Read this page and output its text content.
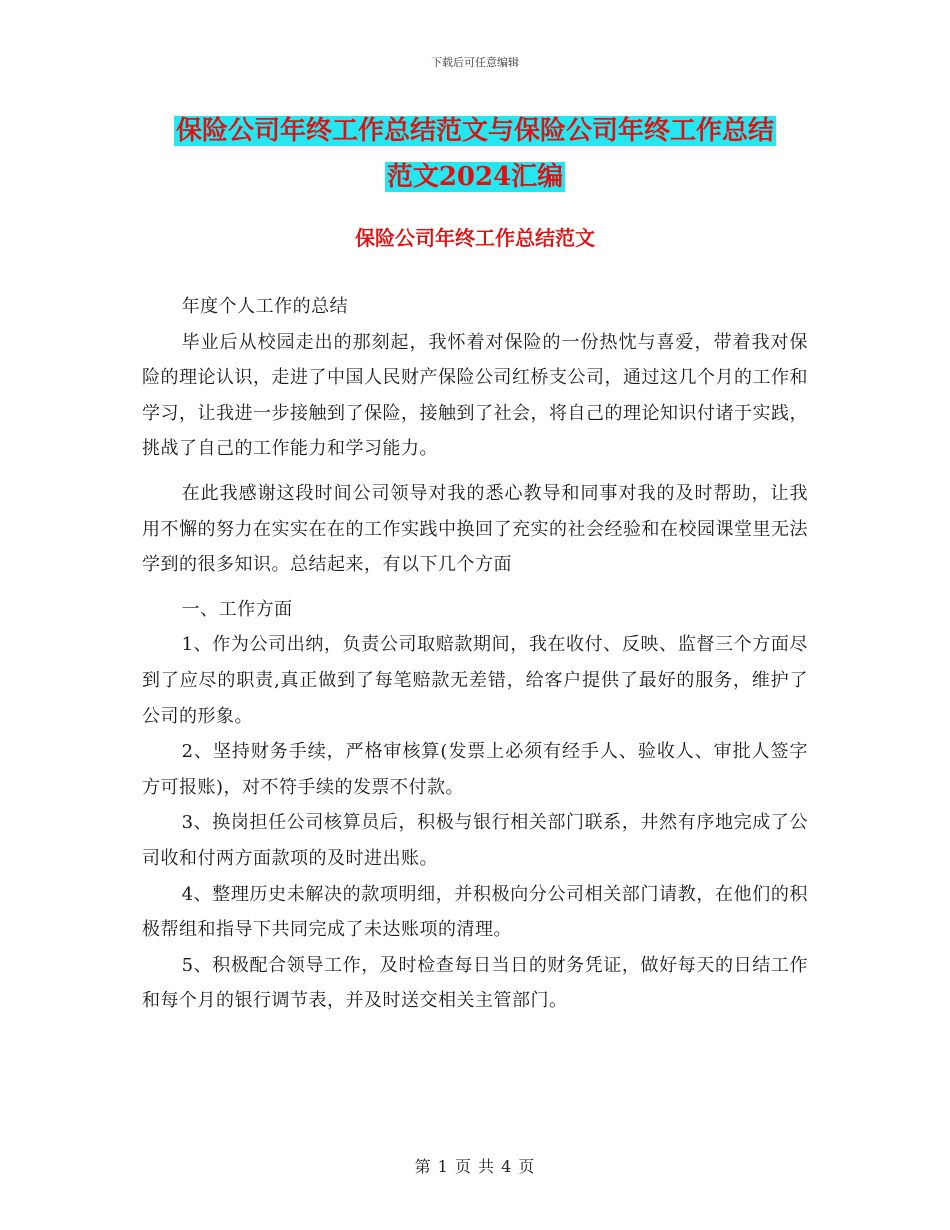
下载后可任意编辑
保险公司年终工作总结范文与保险公司年终工作总结
范文2024汇编
保险公司年终工作总结范文

年度个人工作的总结

毕业后从校园走出的那刻起，我怀着对保险的一份热忱与喜爱，带着我对保险的理论认识，走进了中国人民财产保险公司红桥支公司，通过这几个月的工作和学习，让我进一步接触到了保险，接触到了社会，将自己的理论知识付诸于实践，挑战了自己的工作能力和学习能力。

在此我感谢这段时间公司领导对我的悉心教导和同事对我的及时帮助，让我用不懈的努力在实实在在的工作实践中换回了充实的社会经验和在校园课堂里无法学到的很多知识。总结起来，有以下几个方面

一、工作方面

1、作为公司出纳，负责公司取赔款期间，我在收付、反映、监督三个方面尽到了应尽的职责,真正做到了每笔赔款无差错，给客户提供了最好的服务，维护了公司的形象。

2、坚持财务手续，严格审核算(发票上必须有经手人、验收人、审批人签字方可报账)，对不符手续的发票不付款。

3、换岗担任公司核算员后，积极与银行相关部门联系，井然有序地完成了公司收和付两方面款项的及时进出账。

4、整理历史未解决的款项明细，并积极向分公司相关部门请教，在他们的积极帮组和指导下共同完成了未达账项的清理。

5、积极配合领导工作，及时检查每日当日的财务凭证，做好每天的日结工作和每个月的银行调节表，并及时送交相关主管部门。

第 1 页 共 4 页
